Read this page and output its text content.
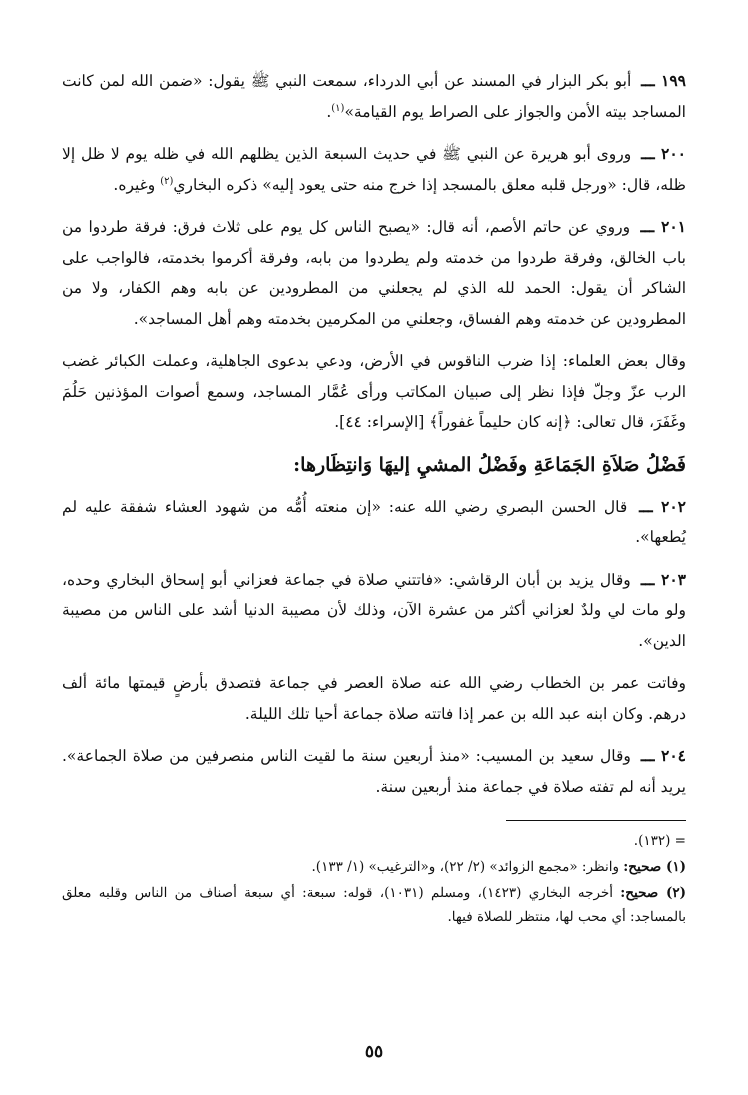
١٩٩ ـــ أبو بكر البزار في المسند عن أبي الدرداء، سمعت النبي ﷺ يقول: «ضمن الله لمن كانت المساجد بيته الأمن والجواز على الصراط يوم القيامة»$^{(١)}$.

٢٠٠ ـــ وروى أبو هريرة عن النبي ﷺ في حديث السبعة الذين يظلهم الله في ظله يوم لا ظل إلا ظله، قال: «ورجل قلبه معلق بالمسجد إذا خرج منه حتى يعود إليه» ذكره البخاري$^{(٢)}$ وغيره.

٢٠١ ـــ وروي عن حاتم الأصم، أنه قال: «يصبح الناس كل يوم على ثلاث فرق: فرقة طردوا من باب الخالق، وفرقة طردوا من خدمته ولم يطردوا من بابه، وفرقة أكرموا بخدمته، فالواجب على الشاكر أن يقول: الحمد لله الذي لم يجعلني من المطرودين عن بابه وهم الكفار، ولا من المطرودين عن خدمته وهم الفساق، وجعلني من المكرمين بخدمته وهم أهل المساجد».

وقال بعض العلماء: إذا ضرب الناقوس في الأرض، ودعي بدعوى الجاهلية، وعملت الكبائر غضب الرب عزّ وجلّ فإذا نظر إلى صبيان المكاتب ورأى عُمَّار المساجد، وسمع أصوات المؤذنين حَلُمَ وغَفَرَ، قال تعالى: ﴿إنه كان حليماً غفوراً﴾ [الإسراء: ٤٤].

فَضْلُ صَلاَةِ الجَمَاعَةِ وفَضْلُ المشيِ إليهَا وَانتِظَارها:

٢٠٢ ـــ قال الحسن البصري رضي الله عنه: «إن منعته أُمُّه من شهود العشاء شفقة عليه لم يُطعها».

٢٠٣ ـــ وقال يزيد بن أبان الرقاشي: «فاتتني صلاة في جماعة فعزاني أبو إسحاق البخاري وحده، ولو مات لي ولدٌ لعزاني أكثر من عشرة الآن، وذلك لأن مصيبة الدنيا أشد على الناس من مصيبة الدين».

وفاتت عمر بن الخطاب رضي الله عنه صلاة العصر في جماعة فتصدق بأرضٍ قيمتها مائة ألف درهم. وكان ابنه عبد الله بن عمر إذا فاتته صلاة جماعة أحيا تلك الليلة.

٢٠٤ ـــ وقال سعيد بن المسيب: «منذ أربعين سنة ما لقيت الناس منصرفين من صلاة الجماعة». يريد أنه لم تفته صلاة في جماعة منذ أربعين سنة.

= (١٣٢).

(١) صحيح: وانظر: «مجمع الزوائد» (٢/ ٢٢)، و«الترغيب» (١/ ١٣٣).

(٢) صحيح: أخرجه البخاري (١٤٢٣)، ومسلم (١٠٣١)، قوله: سبعة: أي سبعة أصناف من الناس وقلبه معلق بالمساجد: أي محب لها، منتظر للصلاة فيها.

٥٥
